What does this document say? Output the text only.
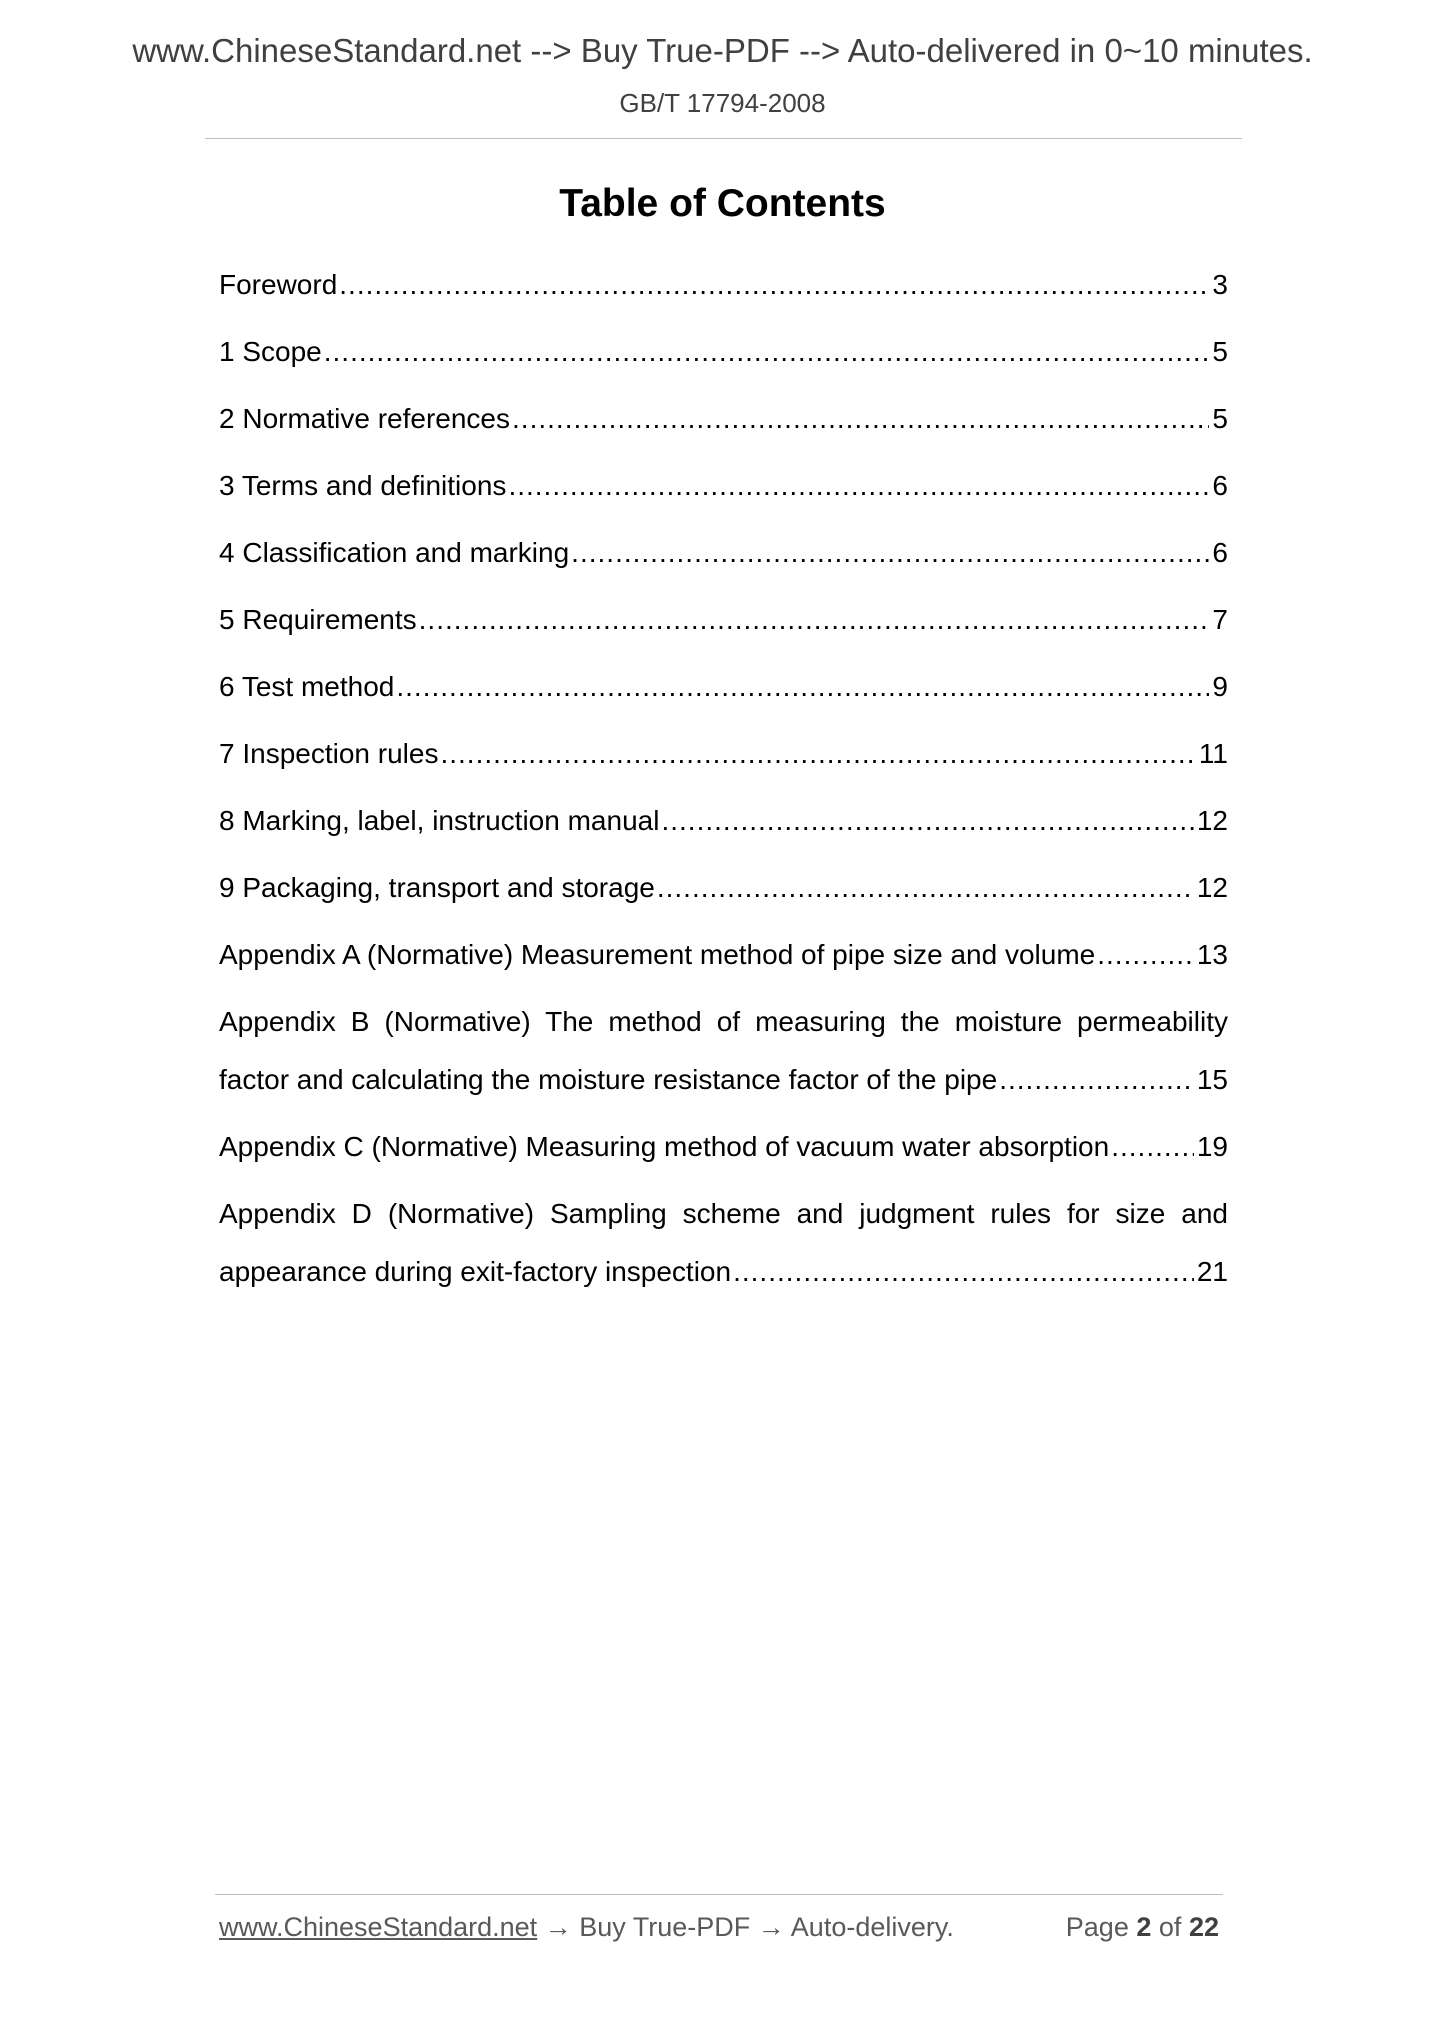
www.ChineseStandard.net --> Buy True-PDF --> Auto-delivered in 0~10 minutes.
GB/T 17794-2008
Table of Contents
Foreword .....	3
1 Scope .....	5
2 Normative references .....	5
3 Terms and definitions .....	6
4 Classification and marking .....	6
5 Requirements .....	7
6 Test method .....	9
7 Inspection rules .....	11
8 Marking, label, instruction manual .....	12
9 Packaging, transport and storage .....	12
Appendix A (Normative) Measurement method of pipe size and volume .....	13
Appendix B (Normative) The method of measuring the moisture permeability
factor and calculating the moisture resistance factor of the pipe .....	15
Appendix C (Normative) Measuring method of vacuum water absorption .....	19
Appendix D (Normative) Sampling scheme and judgment rules for size and
appearance during exit-factory inspection .....	21
www.ChineseStandard.net → Buy True-PDF → Auto-delivery.	Page 2 of 22
